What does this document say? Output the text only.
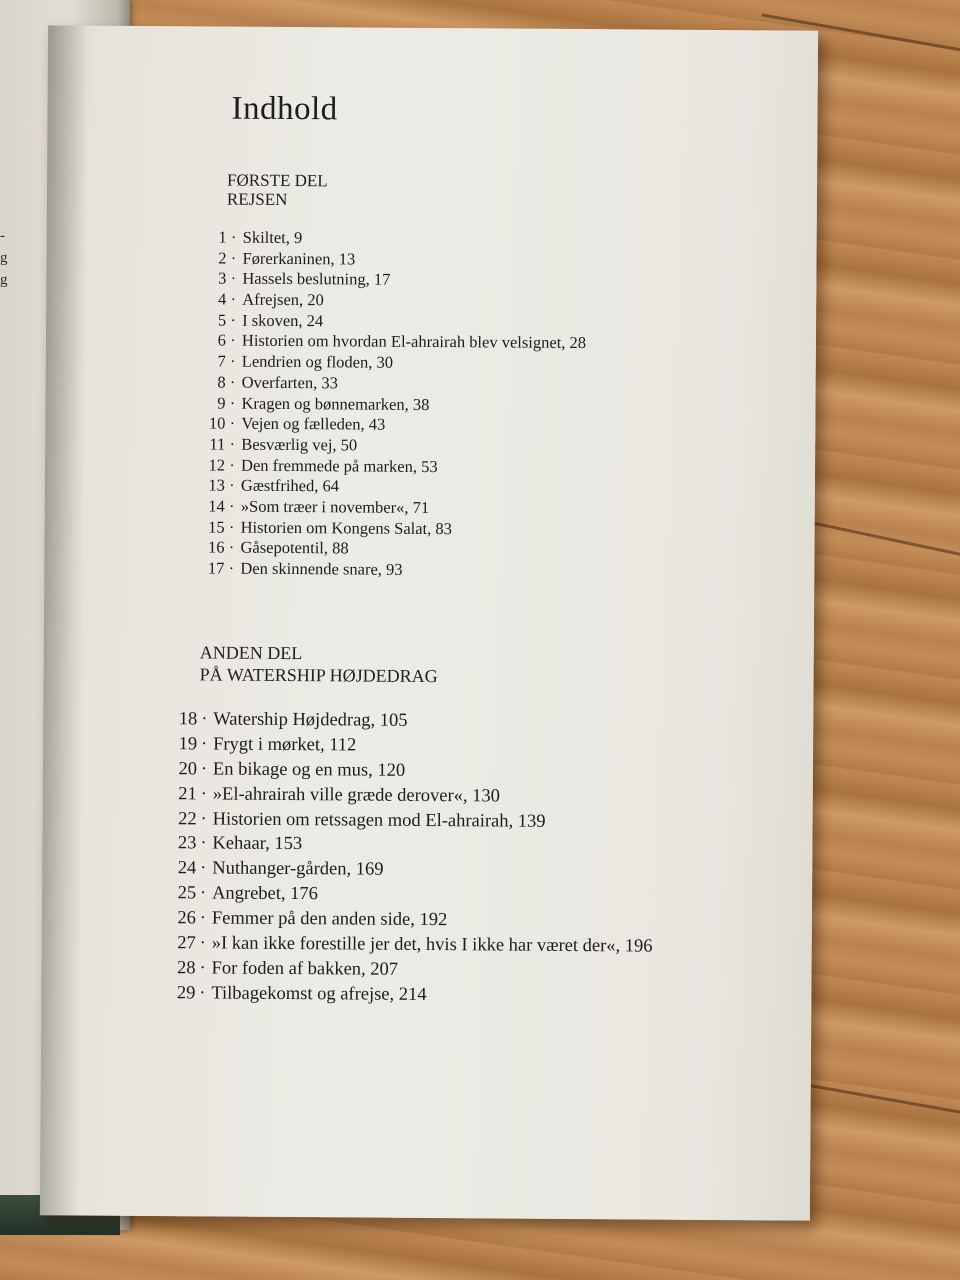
-
g
g
Indhold
FØRSTE DEL
REJSEN
1 · Skiltet, 9
2 · Førerkaninen, 13
3 · Hassels beslutning, 17
4 · Afrejsen, 20
5 · I skoven, 24
6 · Historien om hvordan El-ahrairah blev velsignet, 28
7 · Lendrien og floden, 30
8 · Overfarten, 33
9 · Kragen og bønnemarken, 38
10 · Vejen og fælleden, 43
11 · Besværlig vej, 50
12 · Den fremmede på marken, 53
13 · Gæstfrihed, 64
14 · »Som træer i november«, 71
15 · Historien om Kongens Salat, 83
16 · Gåsepotentil, 88
17 · Den skinnende snare, 93
ANDEN DEL
PÅ WATERSHIP HØJDEDRAG
18 · Watership Højdedrag, 105
19 · Frygt i mørket, 112
20 · En bikage og en mus, 120
21 · »El-ahrairah ville græde derover«, 130
22 · Historien om retssagen mod El-ahrairah, 139
23 · Kehaar, 153
24 · Nuthanger-gården, 169
25 · Angrebet, 176
26 · Femmer på den anden side, 192
27 · »I kan ikke forestille jer det, hvis I ikke har været der«, 196
28 · For foden af bakken, 207
29 · Tilbagekomst og afrejse, 214
